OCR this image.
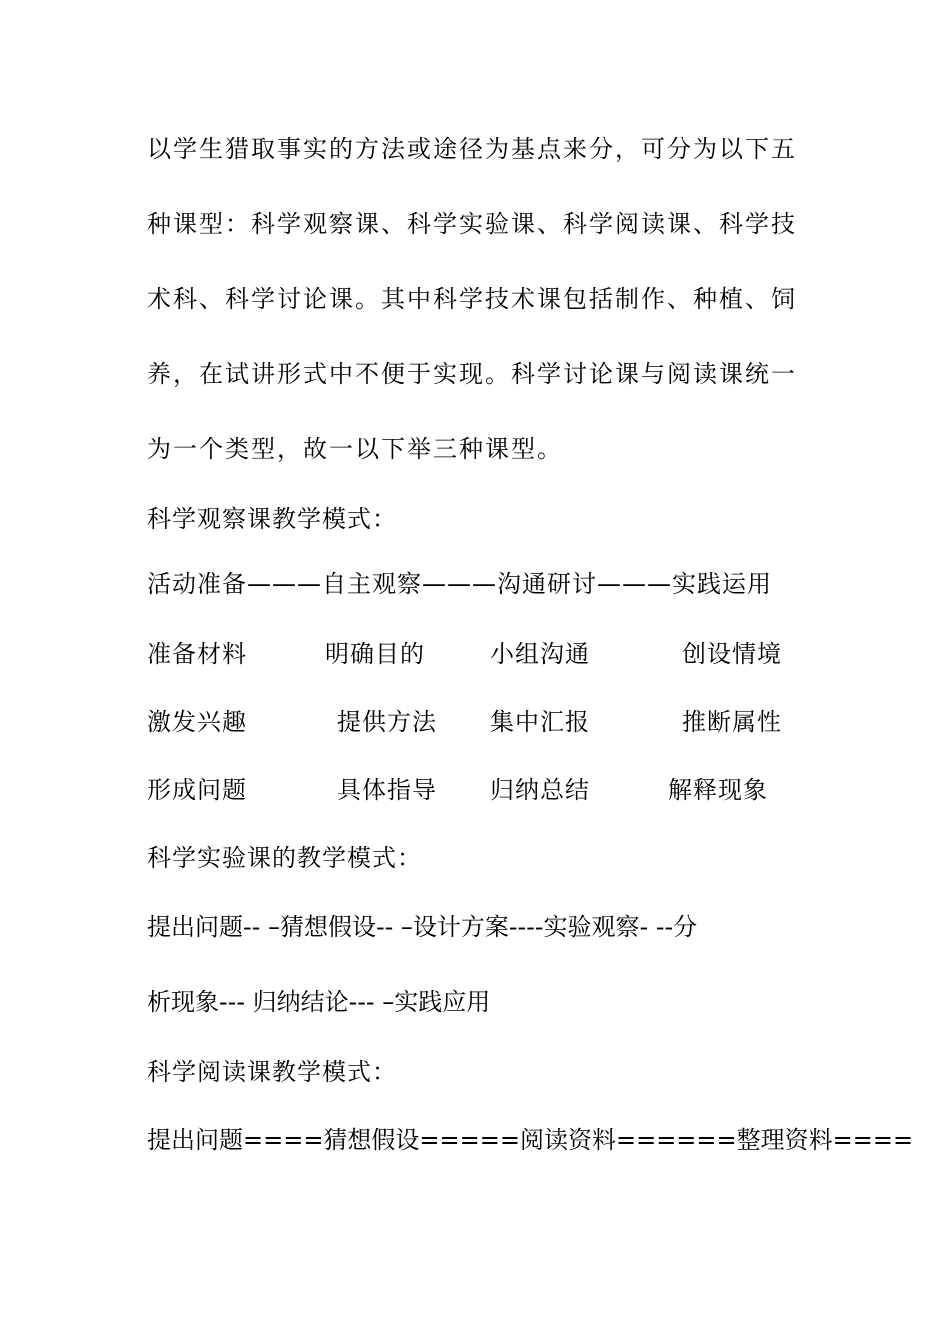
以学生猎取事实的方法或途径为基点来分，可分为以下五
种课型：科学观察课、科学实验课、科学阅读课、科学技
术科、科学讨论课。其中科学技术课包括制作、种植、饲
养，在试讲形式中不便于实现。科学讨论课与阅读课统一
为一个类型，故一以下举三种课型。
科学观察课教学模式：
活动准备———自主观察———沟通研讨———实践运用
准备材料	明确目的	小组沟通	创设情境
激发兴趣	提供方法 集中汇报	推断属性
形成问题	具体指导 归纳总结	解释现象
科学实验课的教学模式：
提出问题-- –猜想假设-- –设计方案----实验观察- --分
析现象--- 归纳结论--- –实践应用
科学阅读课教学模式：
提出问题====猜想假设=====阅读资料======整理资料====
